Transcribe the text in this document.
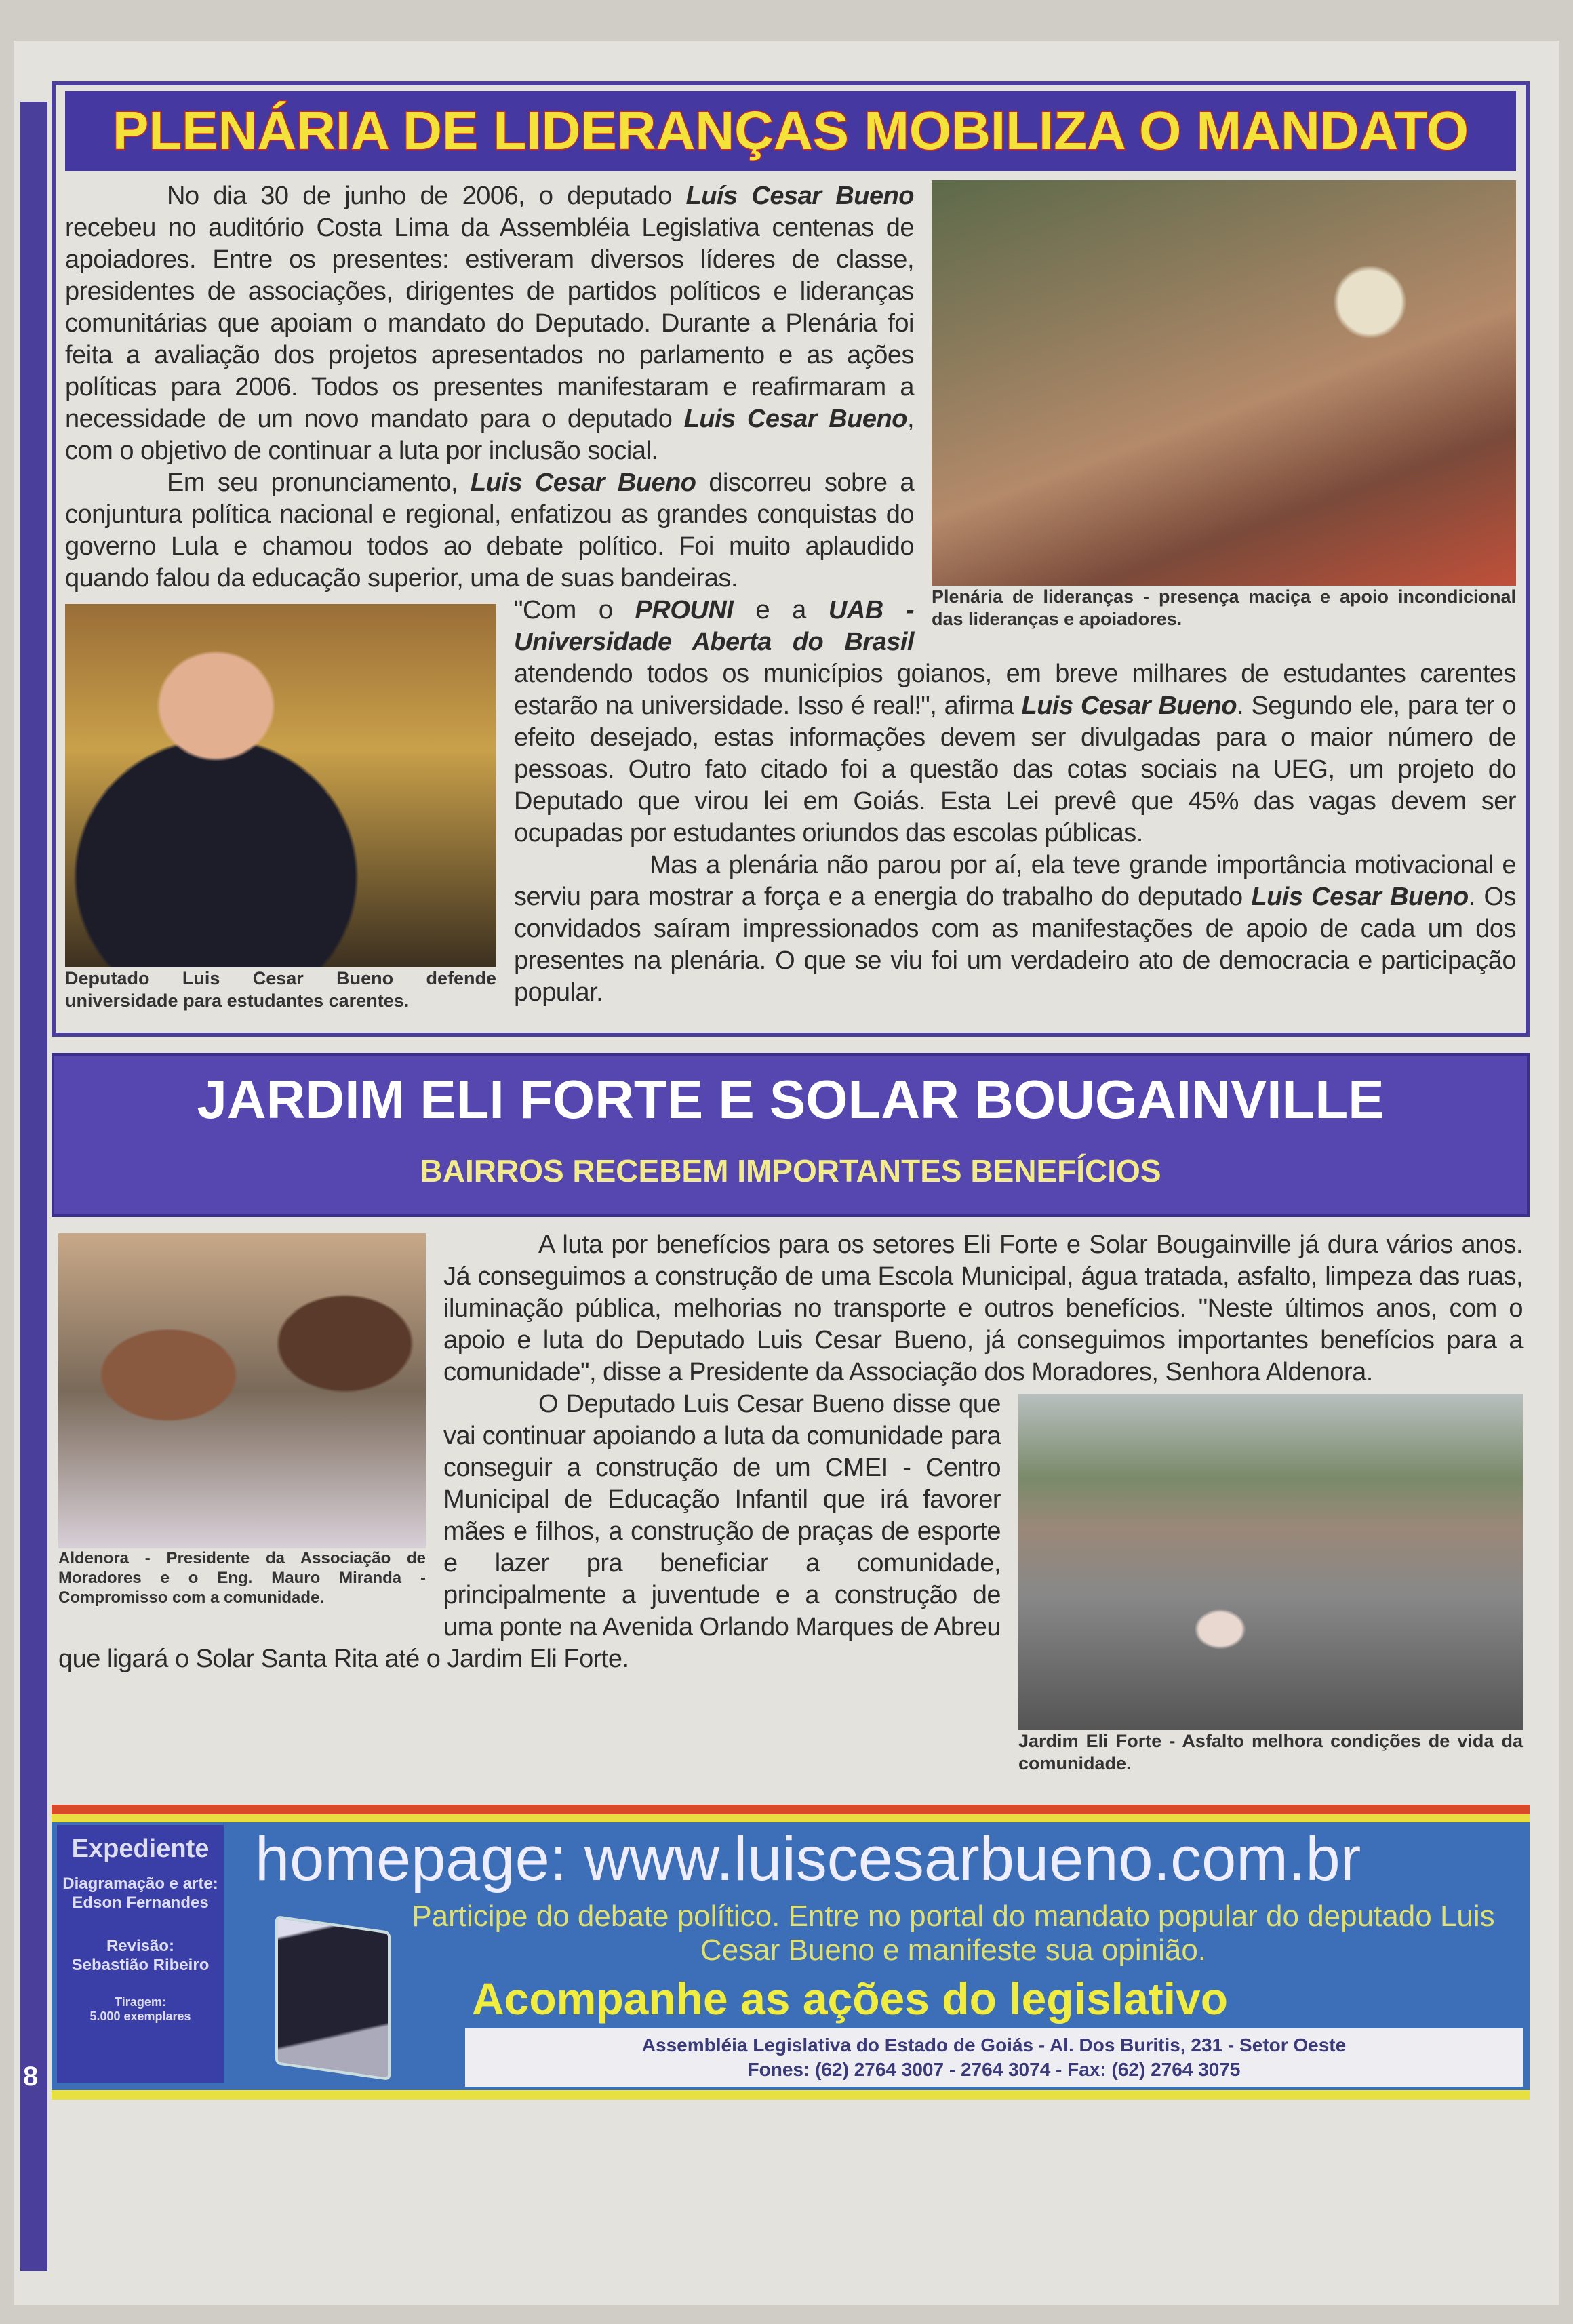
PLENÁRIA DE LIDERANÇAS MOBILIZA O MANDATO
Plenária de lideranças - presença maciça e apoio incondicional das lideranças e apoiadores.

No dia 30 de junho de 2006, o deputado Luís Cesar Bueno recebeu no auditório Costa Lima da Assembléia Legislativa centenas de apoiadores. Entre os presentes: estiveram diversos líderes de classe, presidentes de associações, dirigentes de partidos políticos e lideranças comunitárias que apoiam o mandato do Deputado. Durante a Plenária foi feita a avaliação dos projetos apresentados no parlamento e as ações políticas para 2006. Todos os presentes manifestaram e reafirmaram a necessidade de um novo mandato para o deputado Luis Cesar Bueno, com o objetivo de continuar a luta por inclusão social.

Em seu pronunciamento, Luis Cesar Bueno discorreu sobre a conjuntura política nacional e regional, enfatizou as grandes conquistas do governo Lula e chamou todos ao debate político. Foi muito aplaudido quando falou da educação superior, uma de suas bandeiras.

Deputado Luis Cesar Bueno defende universidade para estudantes carentes.

"Com o PROUNI e a UAB - Universidade Aberta do Brasil atendendo todos os municípios goianos, em breve milhares de estudantes carentes estarão na universidade. Isso é real!", afirma Luis Cesar Bueno. Segundo ele, para ter o efeito desejado, estas informações devem ser divulgadas para o maior número de pessoas. Outro fato citado foi a questão das cotas sociais na UEG, um projeto do Deputado que virou lei em Goiás. Esta Lei prevê que 45% das vagas devem ser ocupadas por estudantes oriundos das escolas públicas.

Mas a plenária não parou por aí, ela teve grande importância motivacional e serviu para mostrar a força e a energia do trabalho do deputado Luis Cesar Bueno. Os convidados saíram impressionados com as manifestações de apoio de cada um dos presentes na plenária. O que se viu foi um verdadeiro ato de democracia e participação popular.

JARDIM ELI FORTE E SOLAR BOUGAINVILLE
BAIRROS RECEBEM IMPORTANTES BENEFÍCIOS
Aldenora - Presidente da Associação de Moradores e o Eng. Mauro Miranda - Compromisso com a comunidade.

A luta por benefícios para os setores Eli Forte e Solar Bougainville já dura vários anos. Já conseguimos a construção de uma Escola Municipal, água tratada, asfalto, limpeza das ruas, iluminação pública, melhorias no transporte e outros benefícios. "Neste últimos anos, com o apoio e luta do Deputado Luis Cesar Bueno, já conseguimos importantes benefícios para a comunidade", disse a Presidente da Associação dos Moradores, Senhora Aldenora.

Jardim Eli Forte - Asfalto melhora condições de vida da comunidade.

O Deputado Luis Cesar Bueno disse que vai continuar apoiando a luta da comunidade para conseguir a construção de um CMEI - Centro Municipal de Educação Infantil que irá favorer mães e filhos, a construção de praças de esporte e lazer pra beneficiar a comunidade, principalmente a juventude e a construção de uma ponte na Avenida Orlando Marques de Abreu que ligará o Solar Santa Rita até o Jardim Eli Forte.

Expediente
Diagramação e arte:
Edson Fernandes
Revisão:
Sebastião Ribeiro
Tiragem:
5.000 exemplares
homepage: www.luiscesarbueno.com.br
Participe do debate político. Entre no portal do mandato popular do deputado Luis Cesar Bueno e manifeste sua opinião.
Acompanhe as ações do legislativo
Assembléia Legislativa do Estado de Goiás - Al. Dos Buritis, 231 - Setor Oeste
Fones: (62) 2764 3007 - 2764 3074 - Fax: (62) 2764 3075
8
